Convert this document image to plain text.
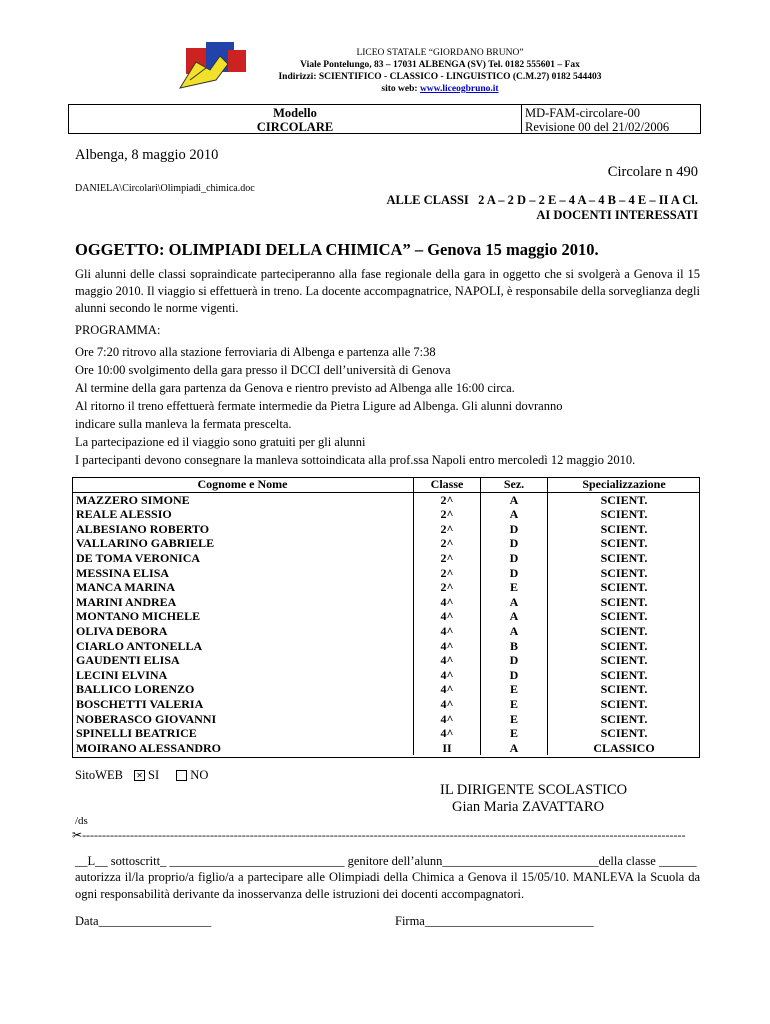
LICEO STATALE “GIORDANO BRUNO”
Viale Pontelungo, 83 – 17031 ALBENGA (SV) Tel. 0182 555601 – Fax
Indirizzi: SCIENTIFICO - CLASSICO - LINGUISTICO (C.M.27) 0182 544403
sito web: www.liceogbruno.it
Modello
CIRCOLARE
MD-FAM-circolare-00
Revisione 00 del 21/02/2006
Albenga, 8 maggio 2010
Circolare n 490
DANIELA\Circolari\Olimpiadi_chimica.doc
ALLE CLASSI   2 A – 2 D – 2 E – 4 A – 4 B – 4 E – II A Cl.
AI DOCENTI INTERESSATI
OGGETTO: OLIMPIADI DELLA CHIMICA” – Genova 15 maggio 2010.
Gli alunni delle classi sopraindicate parteciperanno alla fase regionale della gara in oggetto che si svolgerà a Genova il 15 maggio 2010. Il viaggio si effettuerà in treno. La docente accompagnatrice, NAPOLI, è responsabile della sorveglianza degli alunni secondo le norme vigenti.
PROGRAMMA:
Ore 7:20 ritrovo alla stazione ferroviaria di Albenga e partenza alle 7:38
Ore 10:00 svolgimento della gara presso il DCCI dell’università di Genova
Al termine della gara partenza da Genova e rientro previsto ad Albenga alle 16:00 circa.
Al ritorno il treno effettuerà fermate intermedie da Pietra Ligure ad Albenga. Gli alunni dovranno
indicare sulla manleva la fermata prescelta.
La partecipazione ed il viaggio sono gratuiti per gli alunni
I partecipanti devono consegnare la manleva sottoindicata alla prof.ssa Napoli entro mercoledì 12 maggio 2010.
Cognome e Nome	Classe	Sez.	Specializzazione
MAZZERO SIMONE	2^	A	SCIENT.
REALE ALESSIO	2^	A	SCIENT.
ALBESIANO ROBERTO	2^	D	SCIENT.
VALLARINO GABRIELE	2^	D	SCIENT.
DE TOMA VERONICA	2^	D	SCIENT.
MESSINA ELISA	2^	D	SCIENT.
MANCA MARINA	2^	E	SCIENT.
MARINI ANDREA	4^	A	SCIENT.
MONTANO MICHELE	4^	A	SCIENT.
OLIVA DEBORA	4^	A	SCIENT.
CIARLO ANTONELLA	4^	B	SCIENT.
GAUDENTI ELISA	4^	D	SCIENT.
LECINI ELVINA	4^	D	SCIENT.
BALLICO LORENZO	4^	E	SCIENT.
BOSCHETTI VALERIA	4^	E	SCIENT.
NOBERASCO GIOVANNI	4^	E	SCIENT.
SPINELLI BEATRICE	4^	E	SCIENT.
MOIRANO ALESSANDRO	II	A	CLASSICO
SitoWEB ✕ SI NO
IL DIRIGENTE SCOLASTICO
Gian Maria ZAVATTARO
/ds
✂-------------------------------------------------------------------------------------------------------------------------------------------------------
__L__ sottoscritt_ ____________________________ genitore dell’alunn_________________________della classe ______
autorizza il/la proprio/a figlio/a a partecipare alle Olimpiadi della Chimica a Genova il 15/05/10. MANLEVA la Scuola da ogni responsabilità derivante da inosservanza delle istruzioni dei docenti accompagnatori.
Data__________________	Firma___________________________
